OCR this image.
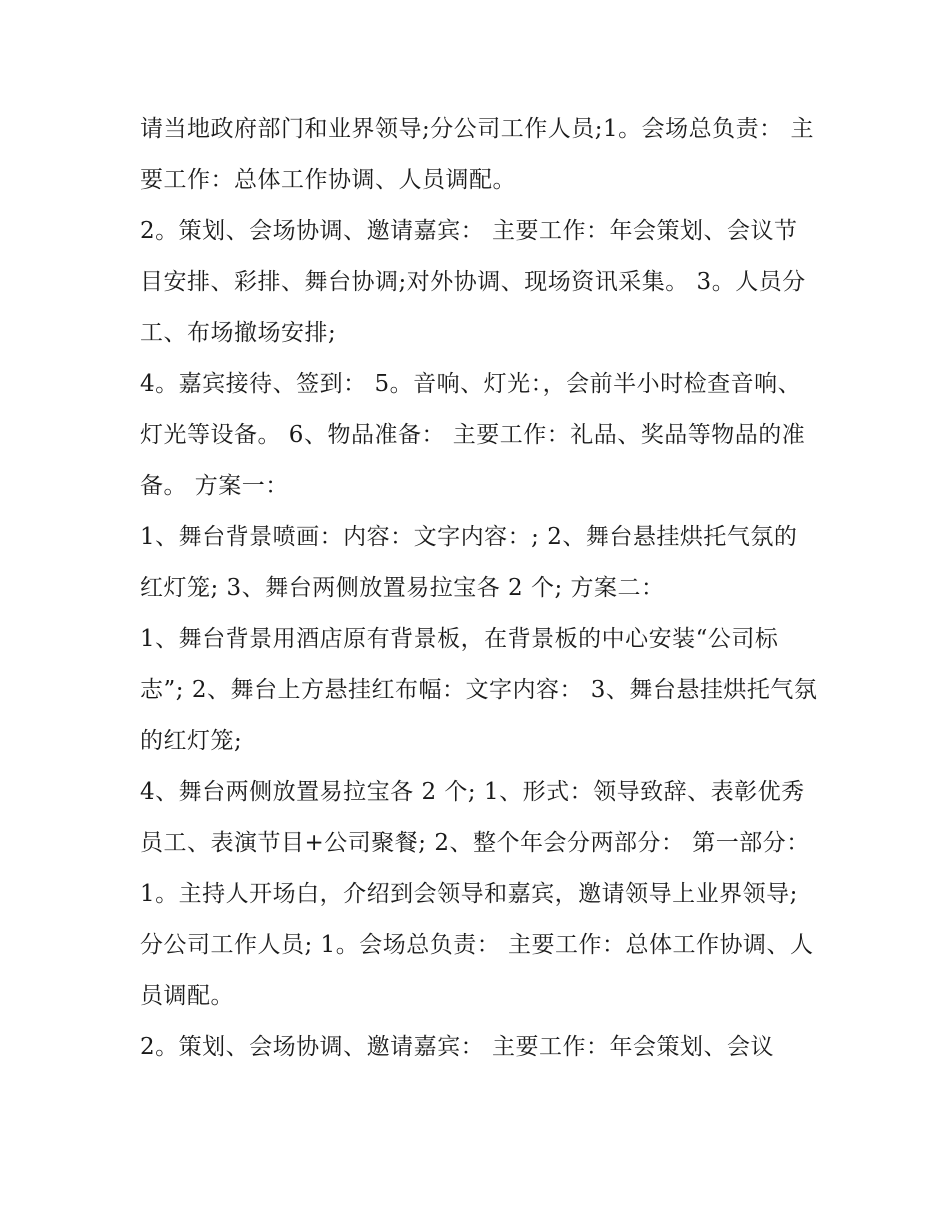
请当地政府部门和业界领导;分公司工作人员;1。会场总负责： 主要工作：总体工作协调、人员调配。

2。策划、会场协调、邀请嘉宾： 主要工作：年会策划、会议节目安排、彩排、舞台协调;对外协调、现场资讯采集。 3。人员分工、布场撤场安排;

4。嘉宾接待、签到： 5。音响、灯光：，会前半小时检查音响、灯光等设备。 6、物品准备： 主要工作：礼品、奖品等物品的准备。 方案一：

1、舞台背景喷画：内容：文字内容：; 2、舞台悬挂烘托气氛的红灯笼; 3、舞台两侧放置易拉宝各 2 个; 方案二：

1、舞台背景用酒店原有背景板，在背景板的中心安装“公司标志”; 2、舞台上方悬挂红布幅：文字内容： 3、舞台悬挂烘托气氛的红灯笼;

4、舞台两侧放置易拉宝各 2 个; 1、形式：领导致辞、表彰优秀员工、表演节目+公司聚餐; 2、整个年会分两部分： 第一部分：

1。主持人开场白，介绍到会领导和嘉宾，邀请领导上业界领导;分公司工作人员; 1。会场总负责： 主要工作：总体工作协调、人员调配。

2。策划、会场协调、邀请嘉宾： 主要工作：年会策划、会议
